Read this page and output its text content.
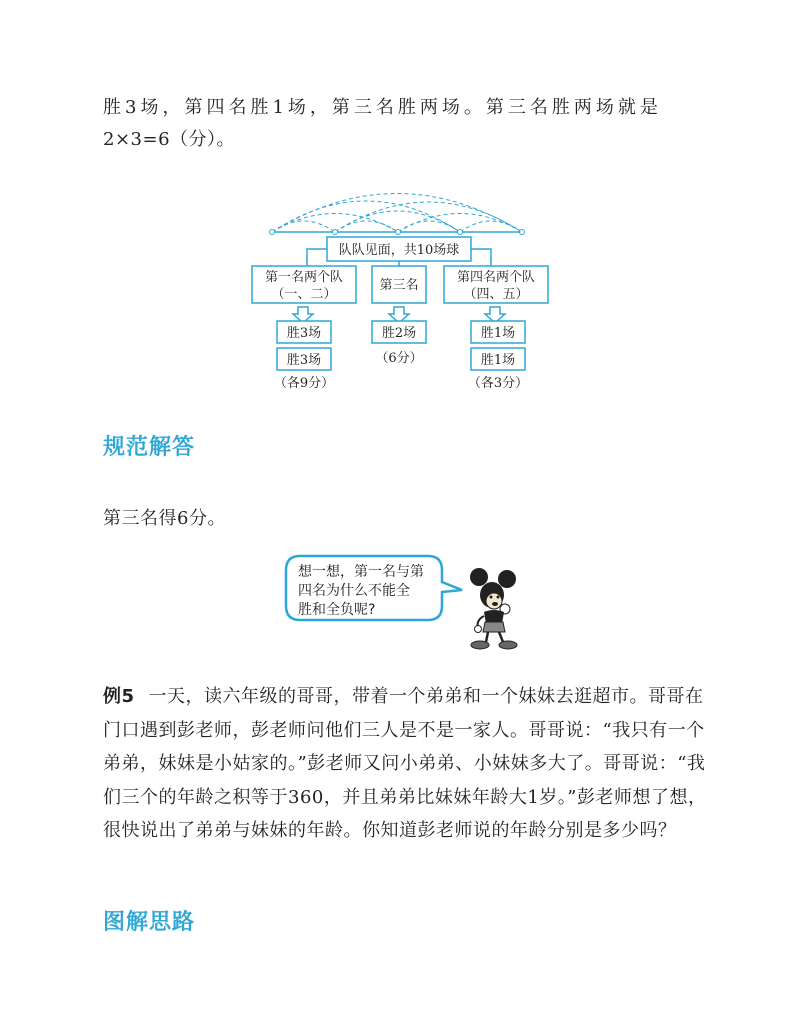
胜3场，第四名胜1场，第三名胜两场。第三名胜两场就是
2×3=6（分）。
队队见面，共10场球
第一名两个队
（一、二）
第三名
第四名两个队
（四、五）
胜3场
胜3场
（各9分）
胜2场
（6分）
胜1场
胜1场
（各3分）
想一想，第一名与第
四名为什么不能全
胜和全负呢?
规范解答
第三名得6分。
例5 一天，读六年级的哥哥，带着一个弟弟和一个妹妹去逛超市。哥哥在门口遇到彭老师，彭老师问他们三人是不是一家人。哥哥说：“我只有一个弟弟，妹妹是小姑家的。”彭老师又问小弟弟、小妹妹多大了。哥哥说：“我们三个的年龄之积等于360，并且弟弟比妹妹年龄大1岁。”彭老师想了想，很快说出了弟弟与妹妹的年龄。你知道彭老师说的年龄分别是多少吗？
图解思路
